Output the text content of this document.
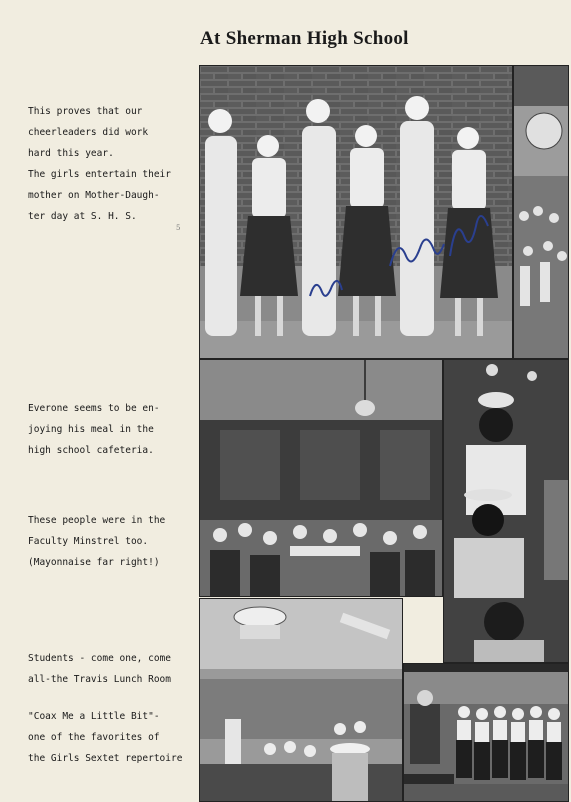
At Sherman High School
This proves that our
cheerleaders did work
hard this year.
The girls entertain their
mother on Mother-Daugh-
ter day at S. H. S.
5
Everone seems to be en-
joying his meal in the
high school cafeteria.
These people were in the
Faculty Minstrel too.
(Mayonnaise far right!)
Students - come one, come
all-the Travis Lunch Room
"Coax Me a Little Bit"-
one of the favorites of
the Girls Sextet repertoire
